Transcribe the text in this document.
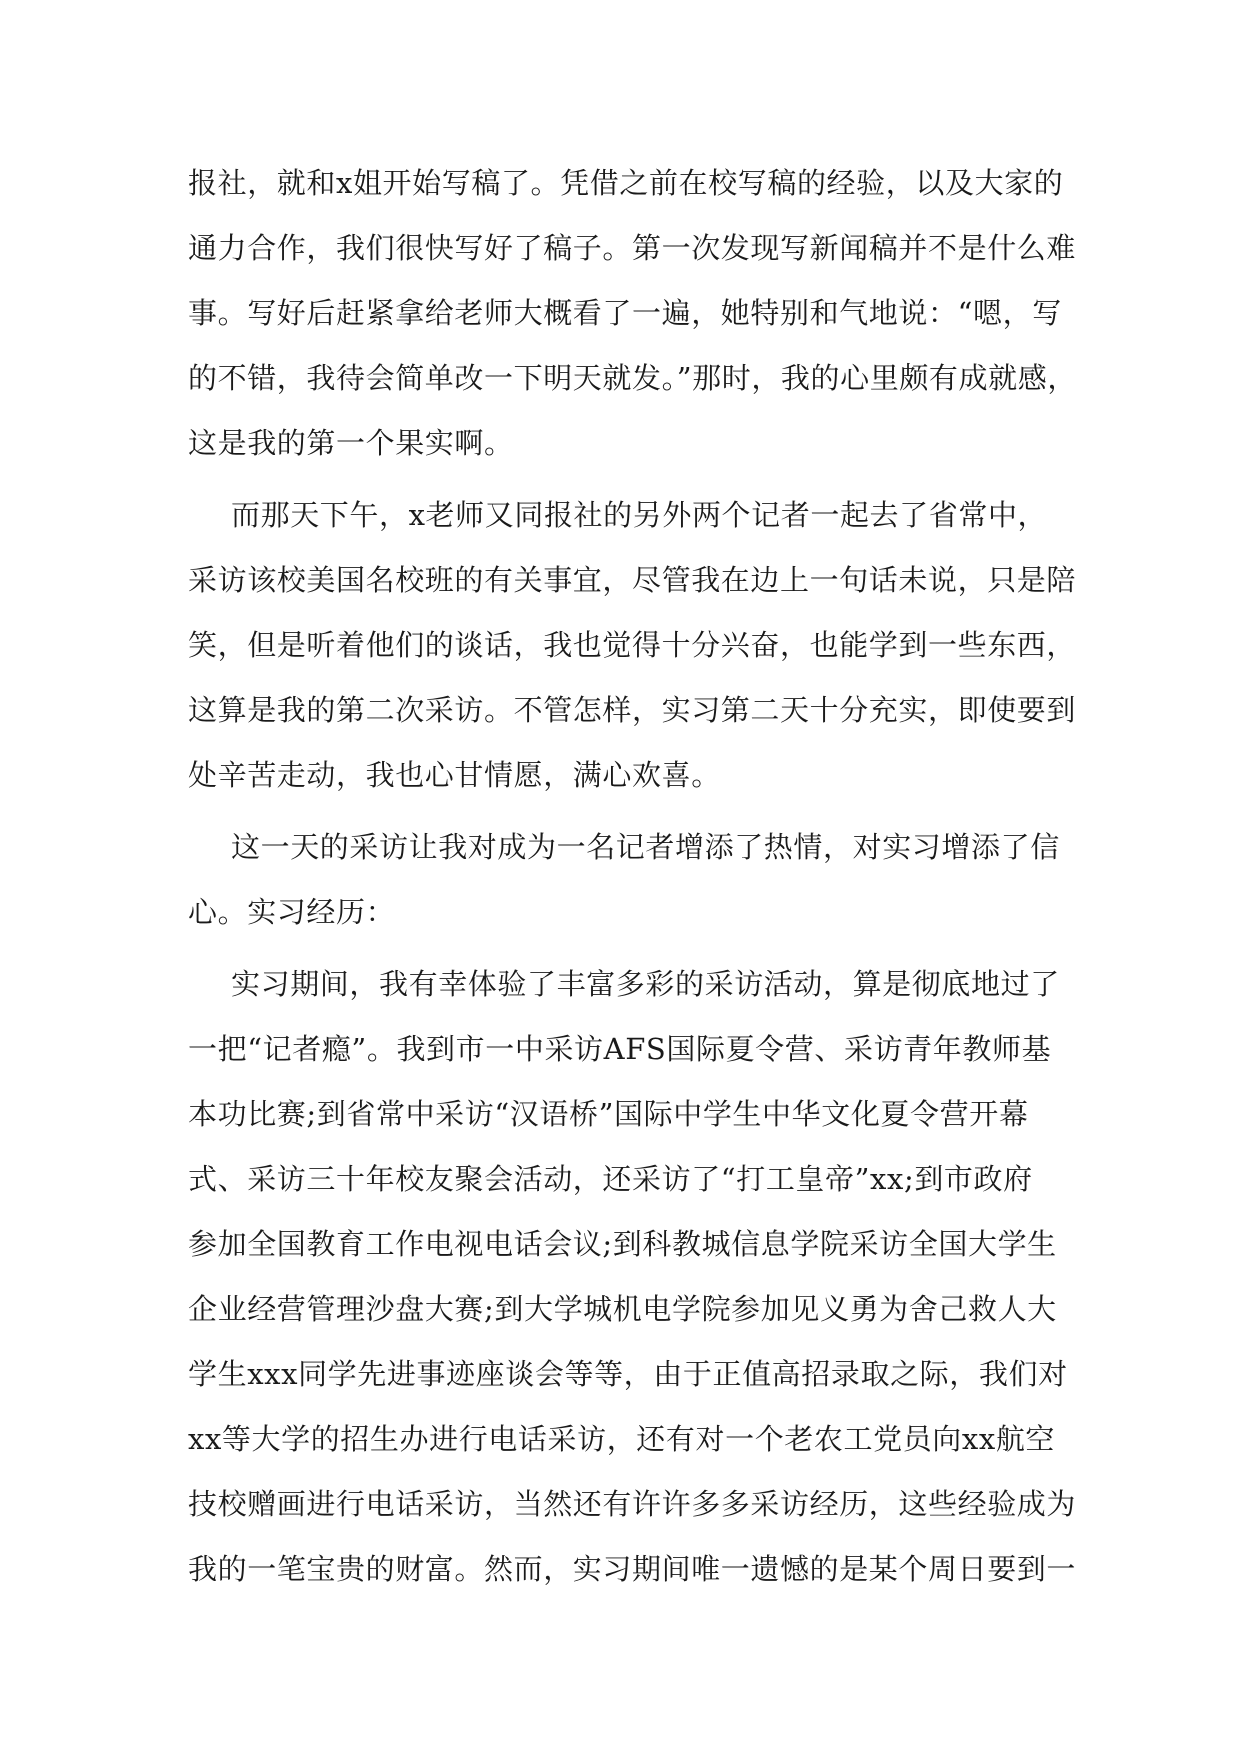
报社，就和x姐开始写稿了。凭借之前在校写稿的经验，以及大家的
通力合作，我们很快写好了稿子。第一次发现写新闻稿并不是什么难
事。写好后赶紧拿给老师大概看了一遍，她特别和气地说：“嗯，写
的不错，我待会简单改一下明天就发。”那时，我的心里颇有成就感，
这是我的第一个果实啊。
而那天下午，x老师又同报社的另外两个记者一起去了省常中，
采访该校美国名校班的有关事宜，尽管我在边上一句话未说，只是陪
笑，但是听着他们的谈话，我也觉得十分兴奋，也能学到一些东西，
这算是我的第二次采访。不管怎样，实习第二天十分充实，即使要到
处辛苦走动，我也心甘情愿，满心欢喜。
这一天的采访让我对成为一名记者增添了热情，对实习增添了信
心。实习经历：
实习期间，我有幸体验了丰富多彩的采访活动，算是彻底地过了
一把“记者瘾”。我到市一中采访AFS国际夏令营、采访青年教师基
本功比赛;到省常中采访“汉语桥”国际中学生中华文化夏令营开幕
式、采访三十年校友聚会活动，还采访了“打工皇帝”xx;到市政府
参加全国教育工作电视电话会议;到科教城信息学院采访全国大学生
企业经营管理沙盘大赛;到大学城机电学院参加见义勇为舍己救人大
学生xxx同学先进事迹座谈会等等，由于正值高招录取之际，我们对
xx等大学的招生办进行电话采访，还有对一个老农工党员向xx航空
技校赠画进行电话采访，当然还有许许多多采访经历，这些经验成为
我的一笔宝贵的财富。然而，实习期间唯一遗憾的是某个周日要到一
